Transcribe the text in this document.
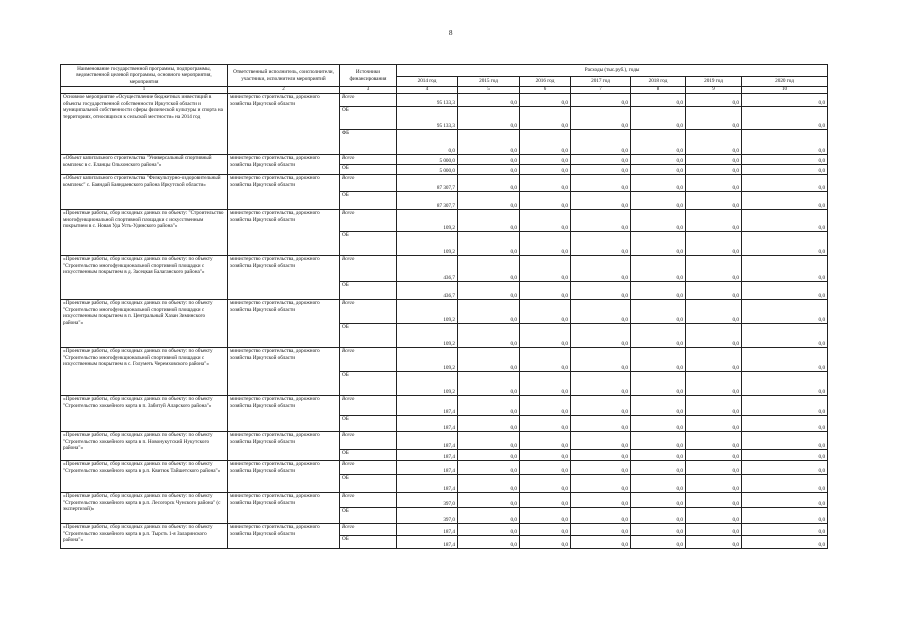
8
Наименование государственной программы, подпрограммы, ведомственной целевой программы, основного мероприятия, мероприятия	Ответственный исполнитель, соисполнители, участники, исполнители мероприятий	Источники финансирования	Расходы (тыс.руб.), годы						
			2014 год	2015 год	2016 год	2017 год	2018 год	2019 год	2020 год
1	2	3	4	5	6	7	8	9	10
Основное мероприятие «Осуществление бюджетных инвестиций в объекты государственной собственности Иркутской области и муниципальной собственности сферы физической культуры и спорта на территориях, относящихся к сельской местности» на 2014 год	министерство строительства, дорожного хозяйства Иркутской области	Всего	95 133,3	0,0	0,0	0,0	0,0	0,0	0,0
		ОБ	95 133,3	0,0	0,0	0,0	0,0	0,0	0,0
		ФБ	0,0	0,0	0,0	0,0	0,0	0,0	0,0
«Объект капитального строительства "Универсальный спортивный комплекс в с. Еланцы Ольхонского района"»	министерство строительства, дорожного хозяйства Иркутской области	Всего	5 000,0	0,0	0,0	0,0	0,0	0,0	0,0
		ОБ	5 000,0	0,0	0,0	0,0	0,0	0,0	0,0
«Объект капитального строительства "Физкультурно-оздоровительный комплекс" с. Баяндай Баяндаевского района Иркутской области»	министерство строительства, дорожного хозяйства Иркутской области	Всего	87 307,7	0,0	0,0	0,0	0,0	0,0	0,0
		ОБ	87 307,7	0,0	0,0	0,0	0,0	0,0	0,0
«Проектные работы, сбор исходных данных по объекту: "Строительство многофункциональной спортивной площадки с искусственным покрытием в с. Новая Уда Усть-Удинского района"»	министерство строительства, дорожного хозяйства Иркутской области	Всего	109,2	0,0	0,0	0,0	0,0	0,0	0,0
		ОБ	109,2	0,0	0,0	0,0	0,0	0,0	0,0
«Проектные работы, сбор исходных данных по объекту: по объекту "Строительство многофункциональной спортивной площадки с искусственным покрытием в д. Засецкая Балаганского района"»	министерство строительства, дорожного хозяйства Иркутской области	Всего	436,7	0,0	0,0	0,0	0,0	0,0	0,0
		ОБ	436,7	0,0	0,0	0,0	0,0	0,0	0,0
«Проектные работы, сбор исходных данных по объекту: по объекту "Строительство многофункциональной спортивной площадки с искусственным покрытием в п. Центральный Хазан Зиминского района"»	министерство строительства, дорожного хозяйства Иркутской области	Всего	109,2	0,0	0,0	0,0	0,0	0,0	0,0
		ОБ	109,2	0,0	0,0	0,0	0,0	0,0	0,0
«Проектные работы, сбор исходных данных по объекту: по объекту "Строительство многофункциональной спортивной площадки с искусственным покрытием в с. Голуметь Черемховского района"»	министерство строительства, дорожного хозяйства Иркутской области	Всего	109,2	0,0	0,0	0,0	0,0	0,0	0,0
		ОБ	109,2	0,0	0,0	0,0	0,0	0,0	0,0
«Проектные работы, сбор исходных данных по объекту: по объекту "Строительство хоккейного корта в п. Забитуй Аларского района"»	министерство строительства, дорожного хозяйства Иркутской области	Всего	187,4	0,0	0,0	0,0	0,0	0,0	0,0
		ОБ	187,4	0,0	0,0	0,0	0,0	0,0	0,0
«Проектные работы, сбор исходных данных по объекту: по объекту "Строительство хоккейного корта в п. Новонукутский Нукутского района"»	министерство строительства, дорожного хозяйства Иркутской области	Всего	187,4	0,0	0,0	0,0	0,0	0,0	0,0
		ОБ	187,4	0,0	0,0	0,0	0,0	0,0	0,0
«Проектные работы, сбор исходных данных по объекту: по объекту "Строительство хоккейного корта в р.п. Квитюк Тайшетского района"»	министерство строительства, дорожного хозяйства Иркутской области	Всего	187,4	0,0	0,0	0,0	0,0	0,0	0,0
		ОБ	187,4	0,0	0,0	0,0	0,0	0,0	0,0
«Проектные работы, сбор исходных данных по объекту: по объекту "Строительство хоккейного корта в р.п. Лесогорск Чунского района" (с экспертизой)»	министерство строительства, дорожного хозяйства Иркутской области	Всего	397,0	0,0	0,0	0,0	0,0	0,0	0,0
		ОБ	397,0	0,0	0,0	0,0	0,0	0,0	0,0
«Проектные работы, сбор исходных данных по объекту: по объекту "Строительство хоккейного корта в р.п. Тырсть 1-я Заларинского района"»	министерство строительства, дорожного хозяйства Иркутской области	Всего	187,4	0,0	0,0	0,0	0,0	0,0	0,0
		ОБ	187,4	0,0	0,0	0,0	0,0	0,0	0,0
